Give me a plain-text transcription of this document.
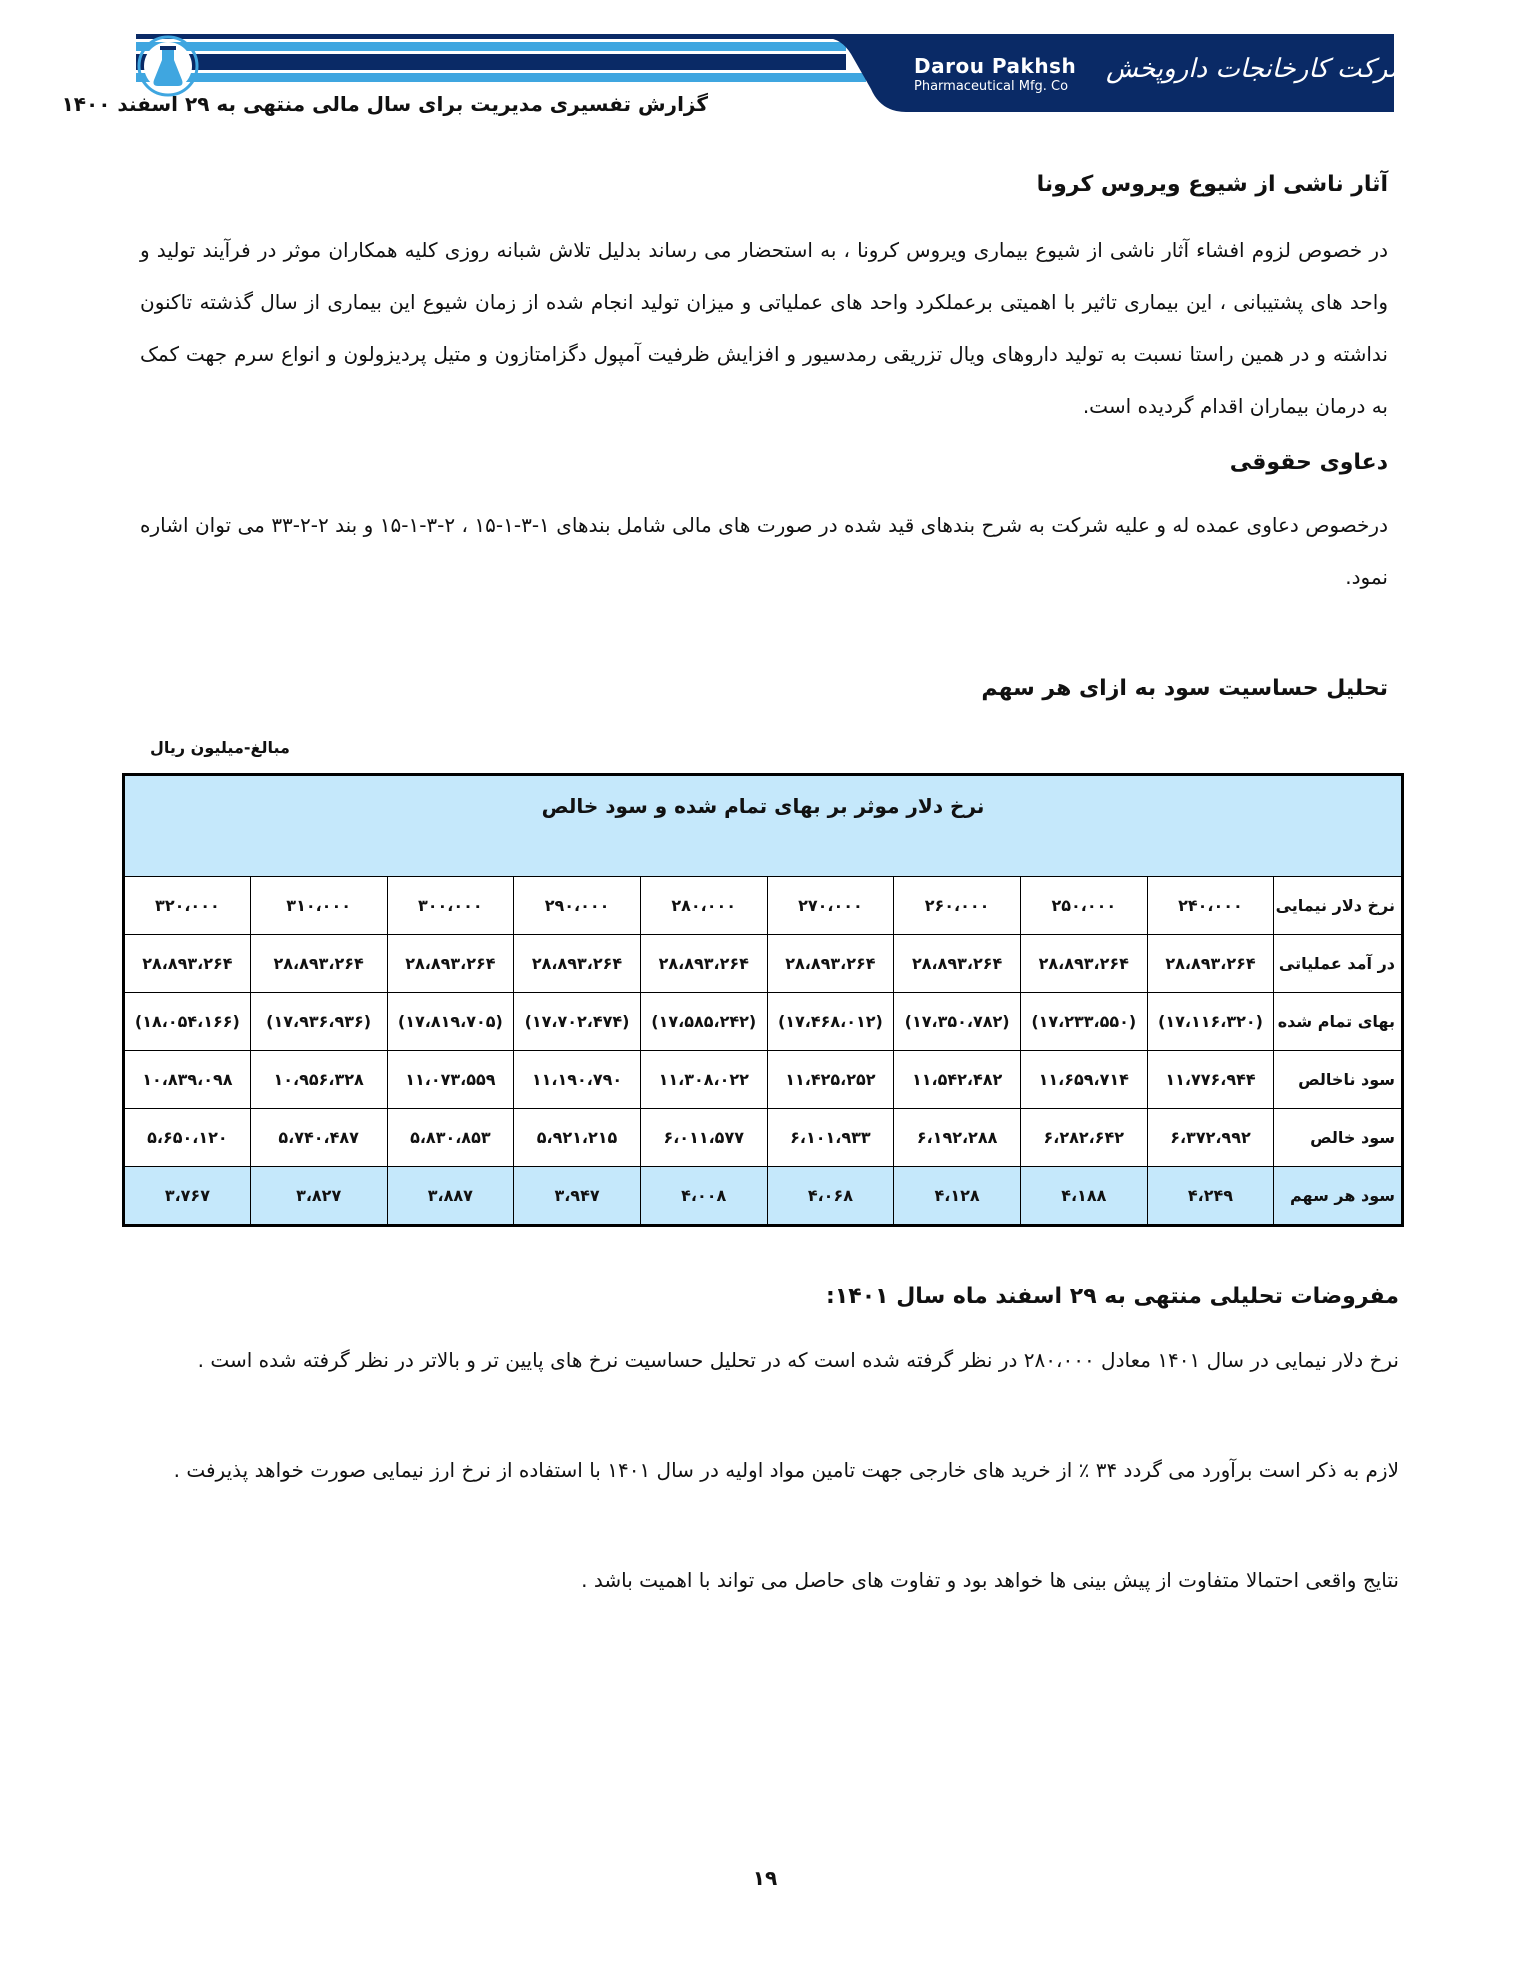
Darou Pakhsh
Pharmaceutical Mfg. Co
شرکت کارخانجات داروپخش
گزارش تفسیری مدیریت برای سال مالی منتهی به ۲۹ اسفند ۱۴۰۰
آثار ناشی از شیوع ویروس کرونا
در خصوص لزوم افشاء آثار ناشی از شیوع بیماری ویروس کرونا ، به استحضار می رساند بدلیل تلاش شبانه روزی کلیه همکاران موثر در فرآیند تولید و واحد های پشتیبانی ، این بیماری تاثیر با اهمیتی برعملکرد واحد های عملیاتی و میزان تولید انجام شده از زمان شیوع این بیماری از سال گذشته تاکنون نداشته و در همین راستا نسبت به تولید داروهای ویال تزریقی رمدسیور و افزایش ظرفیت آمپول دگزامتازون و متیل پردیزولون و انواع سرم جهت کمک به درمان بیماران اقدام گردیده است.
دعاوی حقوقی
درخصوص دعاوی عمده له و علیه شرکت به شرح بندهای قید شده در صورت های مالی شامل بندهای ۱-۳-۱-۱۵ ، ۲-۳-۱-۱۵ و بند ۲-۲-۳۳ می توان اشاره نمود.
تحلیل حساسیت سود به ازای هر سهم
مبالغ-میلیون ریال
نرخ دلار موثر بر بهای تمام شده و سود خالص									
نرخ دلار نیمایی	۲۴۰،۰۰۰	۲۵۰،۰۰۰	۲۶۰،۰۰۰	۲۷۰،۰۰۰	۲۸۰،۰۰۰	۲۹۰،۰۰۰	۳۰۰،۰۰۰	۳۱۰،۰۰۰	۳۲۰،۰۰۰
در آمد عملیاتی	۲۸،۸۹۳،۲۶۴	۲۸،۸۹۳،۲۶۴	۲۸،۸۹۳،۲۶۴	۲۸،۸۹۳،۲۶۴	۲۸،۸۹۳،۲۶۴	۲۸،۸۹۳،۲۶۴	۲۸،۸۹۳،۲۶۴	۲۸،۸۹۳،۲۶۴	۲۸،۸۹۳،۲۶۴
بهای تمام شده	(۱۷،۱۱۶،۳۲۰)	(۱۷،۲۳۳،۵۵۰)	(۱۷،۳۵۰،۷۸۲)	(۱۷،۴۶۸،۰۱۲)	(۱۷،۵۸۵،۲۴۲)	(۱۷،۷۰۲،۴۷۴)	(۱۷،۸۱۹،۷۰۵)	(۱۷،۹۳۶،۹۳۶)	(۱۸،۰۵۴،۱۶۶)
سود ناخالص	۱۱،۷۷۶،۹۴۴	۱۱،۶۵۹،۷۱۴	۱۱،۵۴۲،۴۸۲	۱۱،۴۲۵،۲۵۲	۱۱،۳۰۸،۰۲۲	۱۱،۱۹۰،۷۹۰	۱۱،۰۷۳،۵۵۹	۱۰،۹۵۶،۳۲۸	۱۰،۸۳۹،۰۹۸
سود خالص	۶،۳۷۲،۹۹۲	۶،۲۸۲،۶۴۲	۶،۱۹۲،۲۸۸	۶،۱۰۱،۹۳۳	۶،۰۱۱،۵۷۷	۵،۹۲۱،۲۱۵	۵،۸۳۰،۸۵۳	۵،۷۴۰،۴۸۷	۵،۶۵۰،۱۲۰
سود هر سهم	۴،۲۴۹	۴،۱۸۸	۴،۱۲۸	۴،۰۶۸	۴،۰۰۸	۳،۹۴۷	۳،۸۸۷	۳،۸۲۷	۳،۷۶۷
مفروضات تحلیلی منتهی به ۲۹ اسفند ماه سال ۱۴۰۱:
نرخ دلار نیمایی در سال ۱۴۰۱ معادل ۲۸۰،۰۰۰ در نظر گرفته شده است که در تحلیل حساسیت نرخ های پایین تر و بالاتر در نظر گرفته شده است .
لازم به ذکر است برآورد می گردد ۳۴ ٪ از خرید های خارجی جهت تامین مواد اولیه در سال ۱۴۰۱ با استفاده از نرخ ارز نیمایی صورت خواهد پذیرفت .
نتایج واقعی احتمالا متفاوت از پیش بینی ها خواهد بود و تفاوت های حاصل می تواند با اهمیت باشد .
۱۹
